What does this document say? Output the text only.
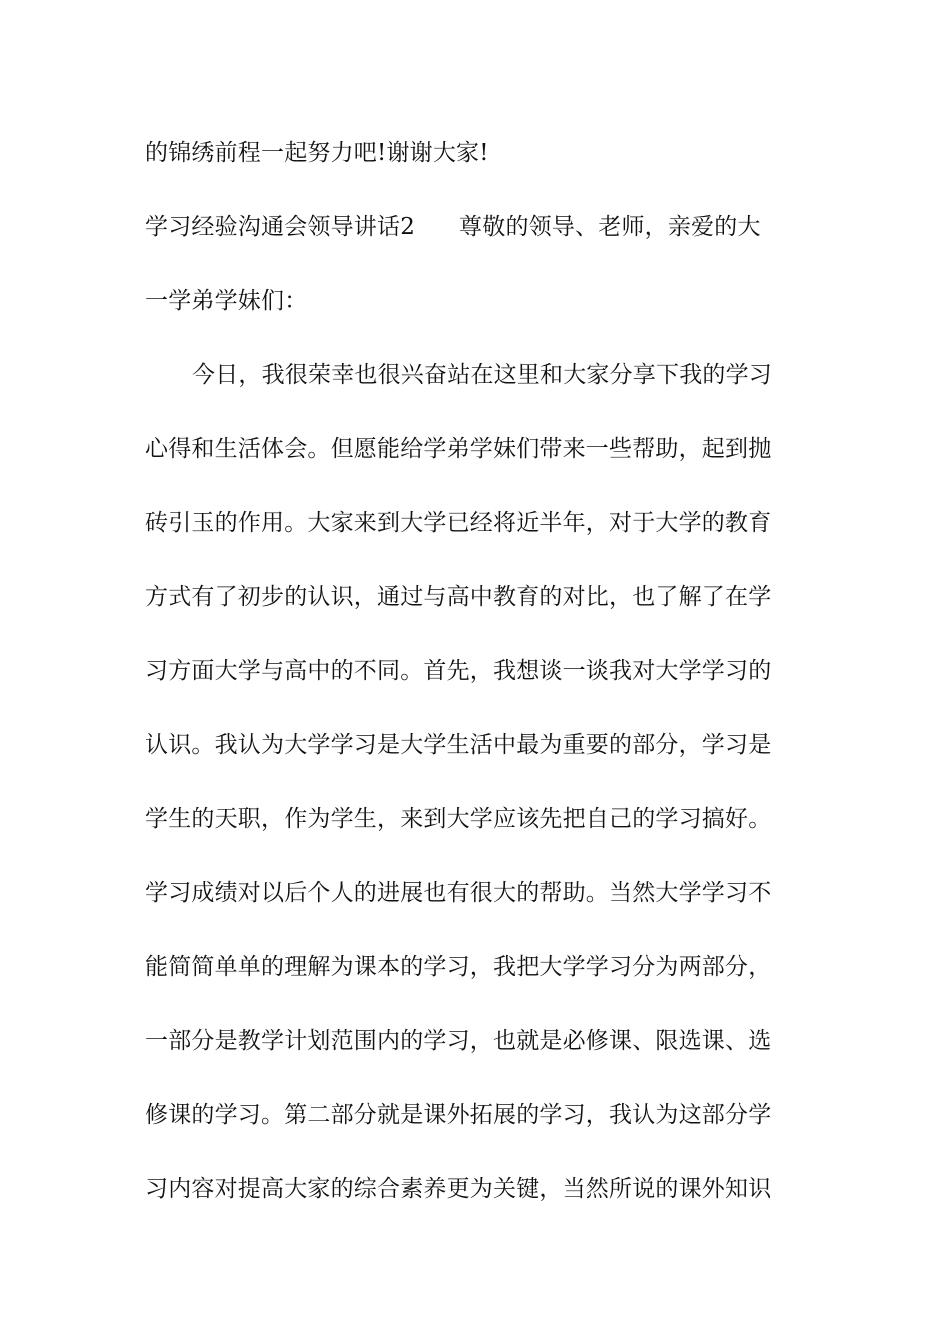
的锦绣前程一起努力吧!谢谢大家!
学习经验沟通会领导讲话2 尊敬的领导、老师，亲爱的大
一学弟学妹们：
今日，我很荣幸也很兴奋站在这里和大家分享下我的学习
心得和生活体会。但愿能给学弟学妹们带来一些帮助，起到抛
砖引玉的作用。大家来到大学已经将近半年，对于大学的教育
方式有了初步的认识，通过与高中教育的对比，也了解了在学
习方面大学与高中的不同。首先，我想谈一谈我对大学学习的
认识。我认为大学学习是大学生活中最为重要的部分，学习是
学生的天职，作为学生，来到大学应该先把自己的学习搞好。
学习成绩对以后个人的进展也有很大的帮助。当然大学学习不
能简简单单的理解为课本的学习，我把大学学习分为两部分，
一部分是教学计划范围内的学习，也就是必修课、限选课、选
修课的学习。第二部分就是课外拓展的学习，我认为这部分学
习内容对提高大家的综合素养更为关键，当然所说的课外知识
